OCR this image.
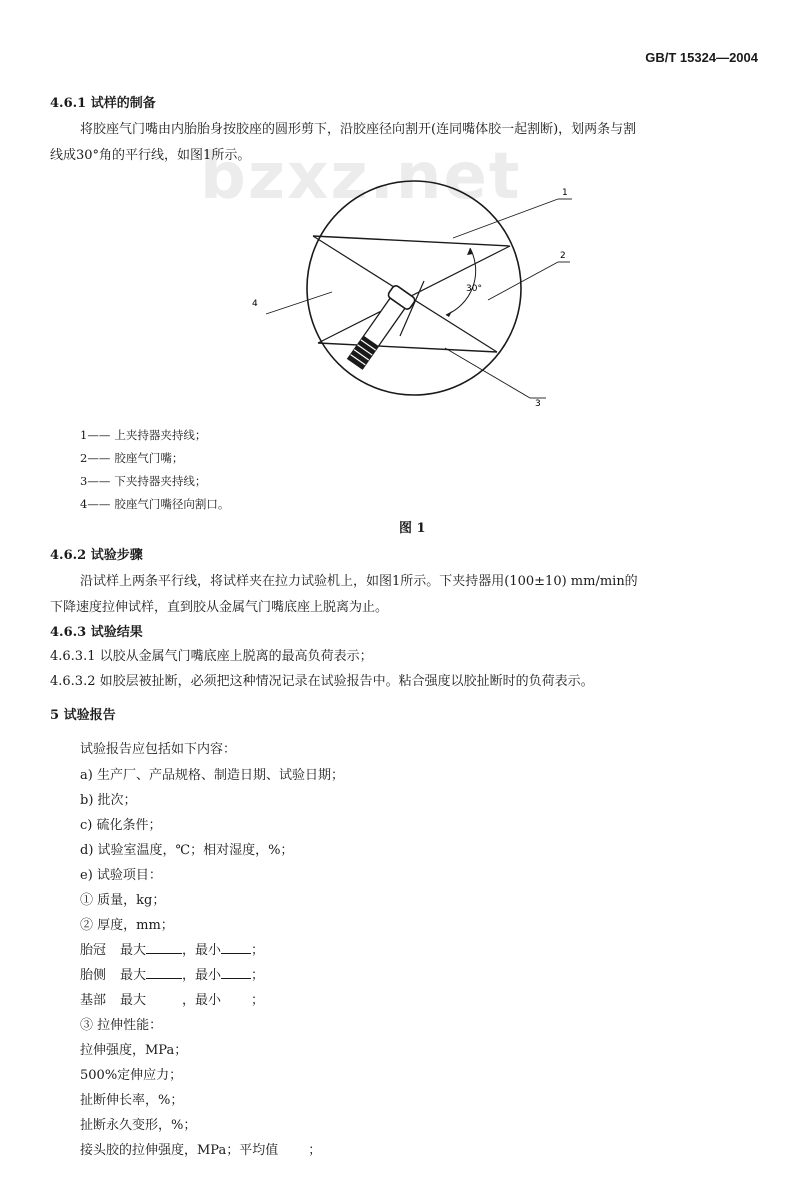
bzxz.net
GB/T 15324—2004
4.6.1 试样的制备
将胶座气门嘴由内胎胎身按胶座的圆形剪下，沿胶座径向割开(连同嘴体胶一起割断)，划两条与割
线成30°角的平行线，如图1所示。
1
2
3
4
30°
1—— 上夹持器夹持线；
2—— 胶座气门嘴；
3—— 下夹持器夹持线；
4—— 胶座气门嘴径向割口。
图 1
4.6.2 试验步骤
沿试样上两条平行线，将试样夹在拉力试验机上，如图1所示。下夹持器用(100±10) mm/min的
下降速度拉伸试样，直到胶从金属气门嘴底座上脱离为止。
4.6.3 试验结果
4.6.3.1 以胶从金属气门嘴底座上脱离的最高负荷表示；
4.6.3.2 如胶层被扯断，必须把这种情况记录在试验报告中。粘合强度以胶扯断时的负荷表示。
5 试验报告
试验报告应包括如下内容：
a) 生产厂、产品规格、制造日期、试验日期；
b) 批次；
c) 硫化条件；
d) 试验室温度，℃；相对湿度，%；
e) 试验项目：
① 质量，kg；
② 厚度，mm；
胎冠 最大	，最小 ；
胎侧 最大	，最小 ；
基部 最大	，最小 ；
③ 拉伸性能：
拉伸强度，MPa；
500%定伸应力；
扯断伸长率，%；
扯断永久变形，%；
接头胶的拉伸强度，MPa；平均值 ；
